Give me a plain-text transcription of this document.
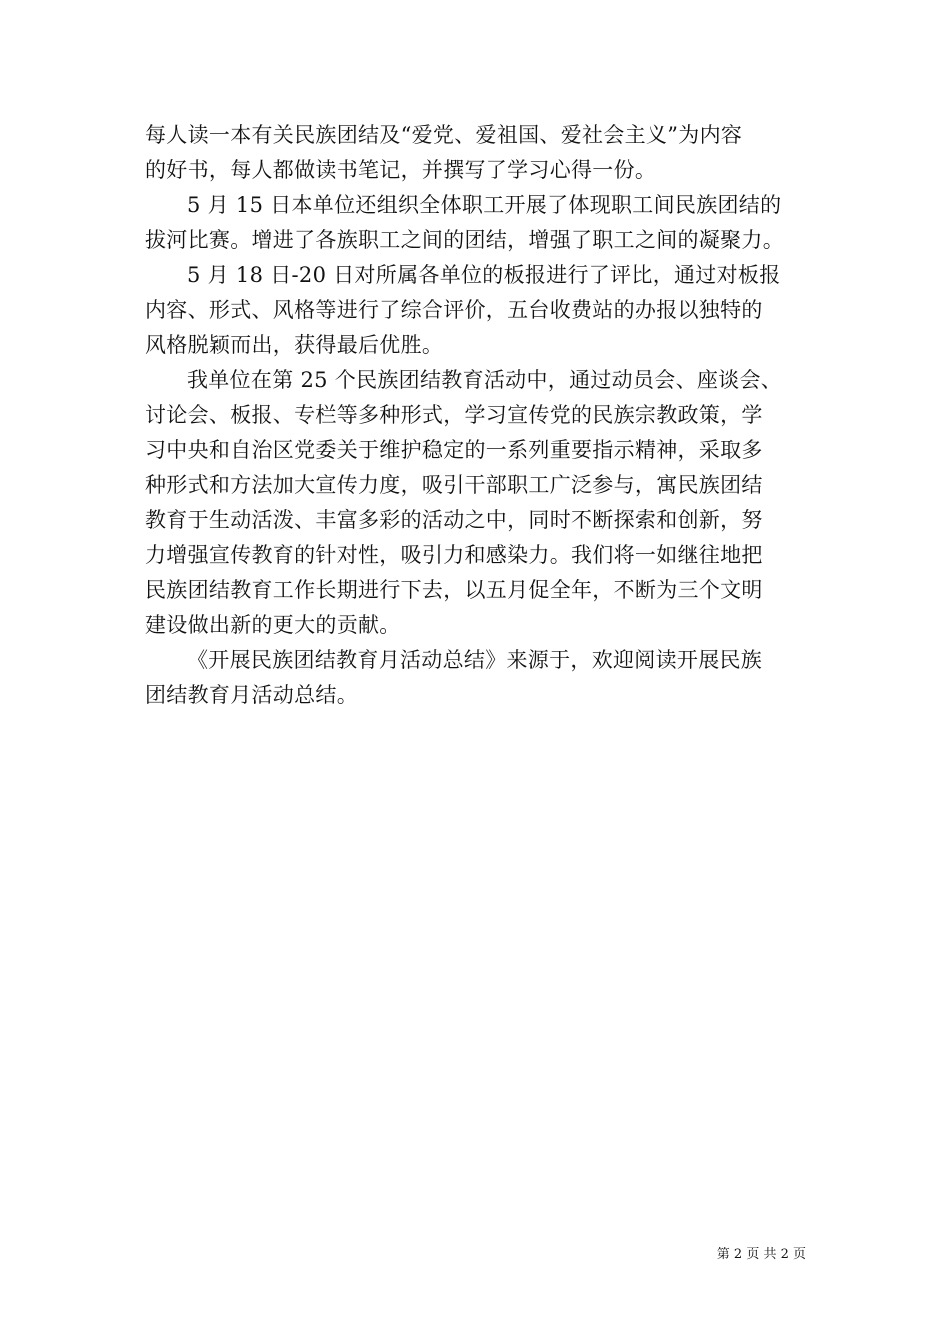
每人读一本有关民族团结及“爱党、爱祖国、爱社会主义”为内容
的好书，每人都做读书笔记，并撰写了学习心得一份。
5 月 15 日本单位还组织全体职工开展了体现职工间民族团结的
拔河比赛。增进了各族职工之间的团结，增强了职工之间的凝聚力。
5 月 18 日-20 日对所属各单位的板报进行了评比，通过对板报
内容、形式、风格等进行了综合评价，五台收费站的办报以独特的
风格脱颖而出，获得最后优胜。
我单位在第 25 个民族团结教育活动中，通过动员会、座谈会、
讨论会、板报、专栏等多种形式，学习宣传党的民族宗教政策，学
习中央和自治区党委关于维护稳定的一系列重要指示精神，采取多
种形式和方法加大宣传力度，吸引干部职工广泛参与，寓民族团结
教育于生动活泼、丰富多彩的活动之中，同时不断探索和创新，努
力增强宣传教育的针对性，吸引力和感染力。我们将一如继往地把
民族团结教育工作长期进行下去，以五月促全年，不断为三个文明
建设做出新的更大的贡献。
《开展民族团结教育月活动总结》来源于，欢迎阅读开展民族
团结教育月活动总结。
第 2 页 共 2 页
